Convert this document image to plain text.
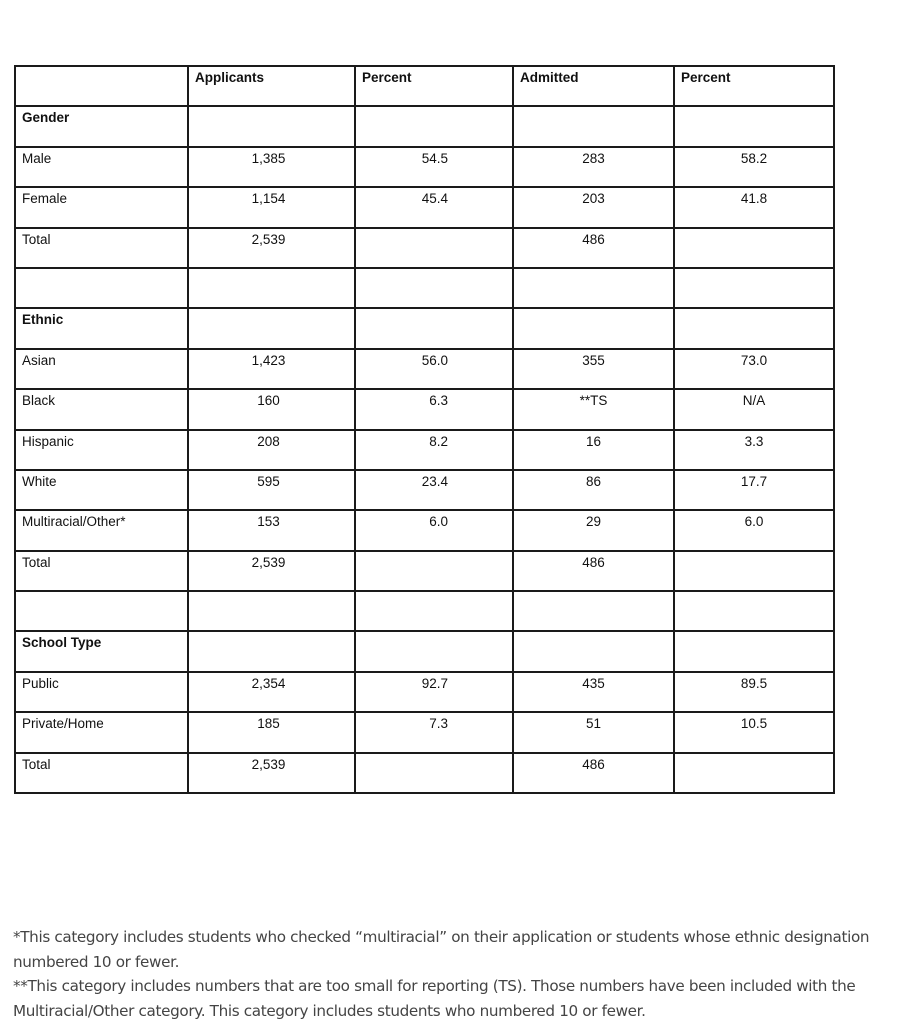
	Applicants	Percent	Admitted	Percent

Gender				

Male	1,385	54.5	283	58.2

Female	1,154	45.4	203	41.8

Total	2,539		486	

Ethnic				

Asian	1,423	56.0	355	73.0

Black	160	6.3	**TS	N/A

Hispanic	208	8.2	16	3.3

White	595	23.4	86	17.7

Multiracial/Other*	153	6.0	29	6.0

Total	2,539		486	

School Type				

Public	2,354	92.7	435	89.5

Private/Home	185	7.3	51	10.5

Total	2,539		486	

*This category includes students who checked “multiracial” on their application or students whose ethnic designation numbered 10 or fewer.

**This category includes numbers that are too small for reporting (TS). Those numbers have been included with the Multiracial/Other category. This category includes students who numbered 10 or fewer.
